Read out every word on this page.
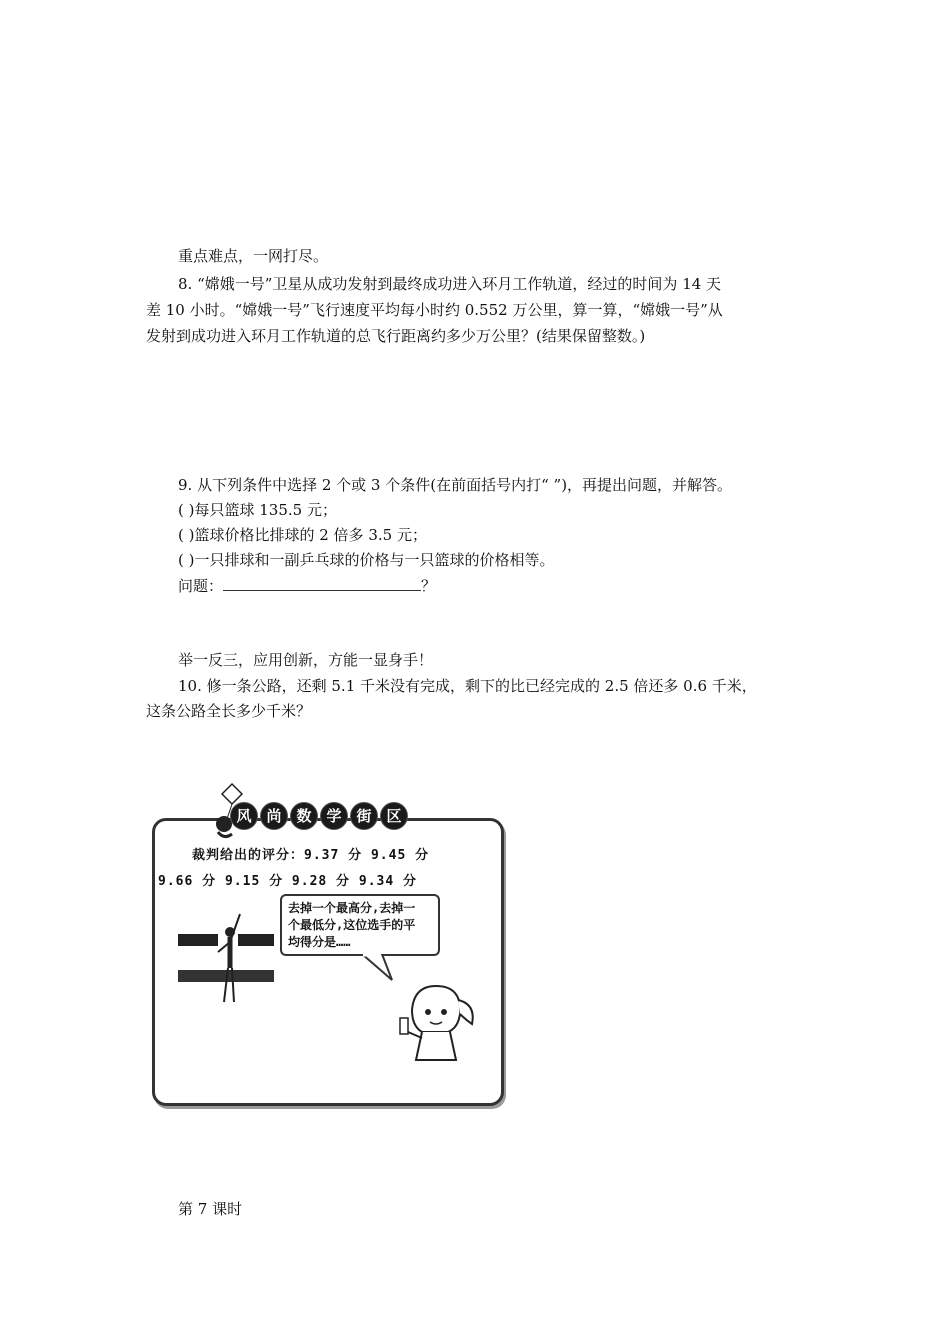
重点难点，一网打尽。
8. “嫦娥一号”卫星从成功发射到最终成功进入环月工作轨道，经过的时间为 14 天
差 10 小时。“嫦娥一号”飞行速度平均每小时约 0.552 万公里，算一算，“嫦娥一号”从
发射到成功进入环月工作轨道的总飞行距离约多少万公里？(结果保留整数。)
9. 从下列条件中选择 2 个或 3 个条件(在前面括号内打“ ”)，再提出问题，并解答。
( )每只篮球 135.5 元；
( )篮球价格比排球的 2 倍多 3.5 元；
( )一只排球和一副乒乓球的价格与一只篮球的价格相等。
问题：	？
举一反三，应用创新，方能一显身手！
10. 修一条公路，还剩 5.1 千米没有完成，剩下的比已经完成的 2.5 倍还多 0.6 千米，
这条公路全长多少千米？
风 尚 数 学 街 区
裁判给出的评分：9.37 分 9.45 分
9.66 分 9.15 分 9.28 分 9.34 分
去掉一个最高分,去掉一
个最低分,这位选手的平
均得分是……
第 7 课时
